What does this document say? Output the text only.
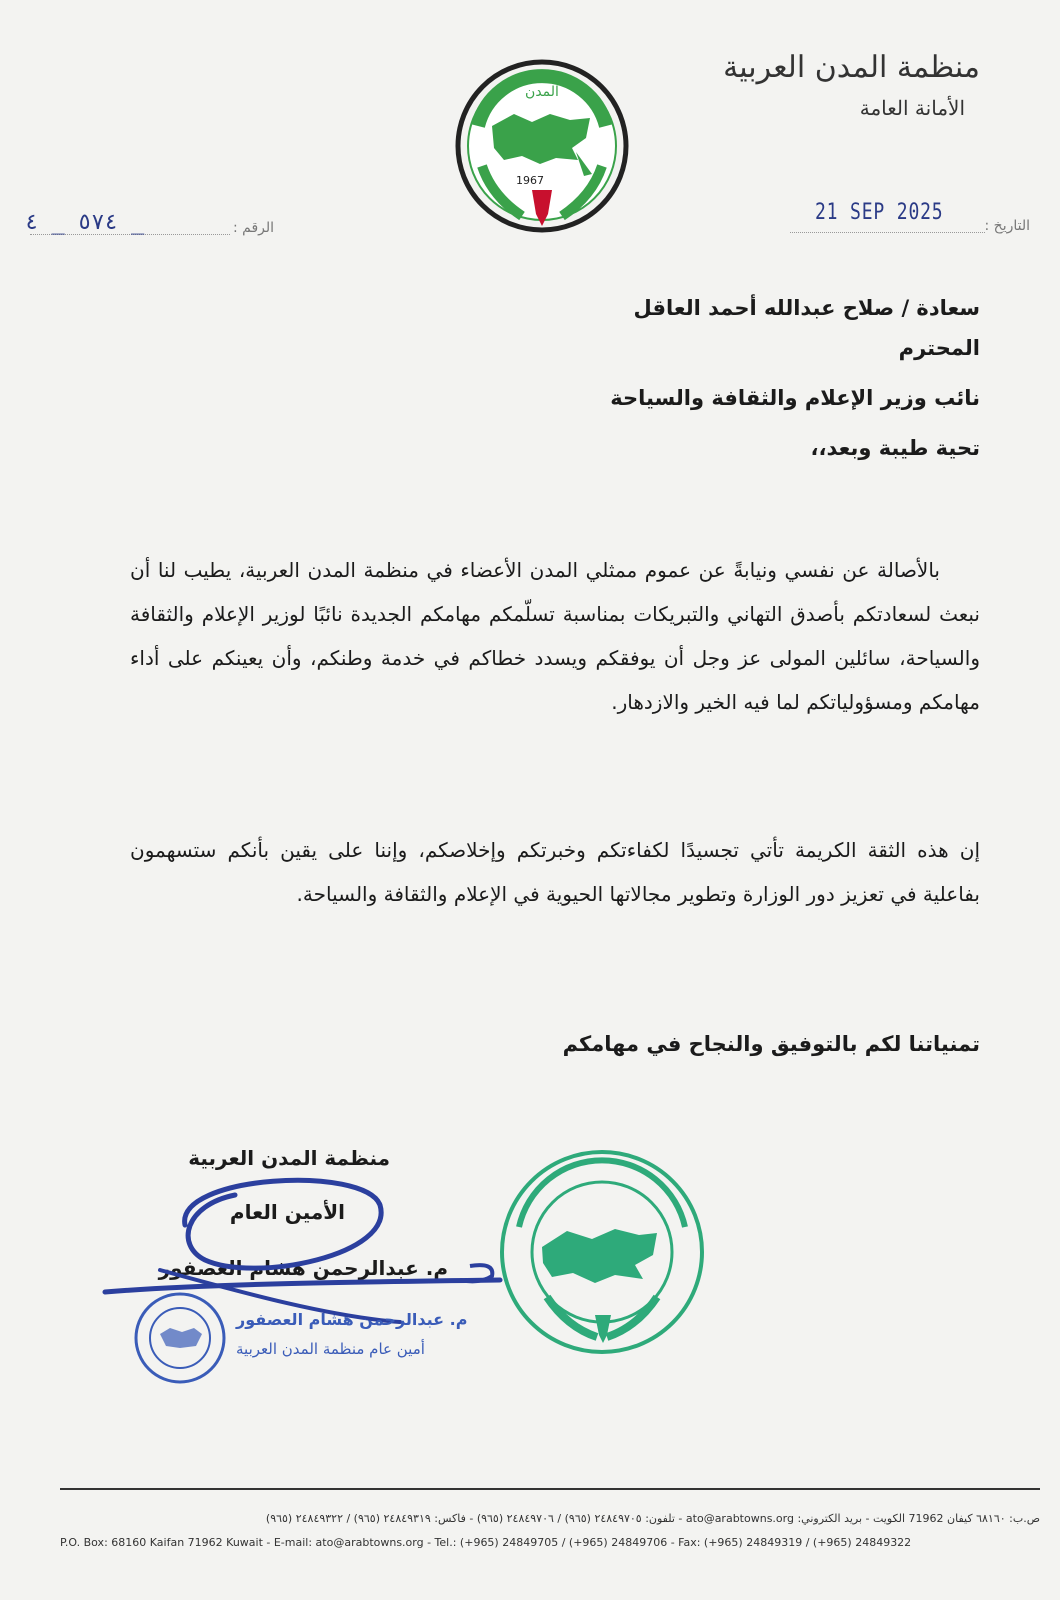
منظمة المدن العربية
الأمانة العامة
المدن
1967
التاريخ :
21 SEP 2025
الرقم :
٥٧٤ _ ٤ _
سعادة / صلاح عبدالله أحمد العاقل
المحترم
نائب وزير الإعلام والثقافة والسياحة
تحية طيبة وبعد،،
بالأصالة عن نفسي ونيابةً عن عموم ممثلي المدن الأعضاء في منظمة المدن العربية، يطيب لنا أن نبعث لسعادتكم بأصدق التهاني والتبريكات بمناسبة تسلّمكم مهامكم الجديدة نائبًا لوزير الإعلام والثقافة والسياحة، سائلين المولى عز وجل أن يوفقكم ويسدد خطاكم في خدمة وطنكم، وأن يعينكم على أداء مهامكم ومسؤولياتكم لما فيه الخير والازدهار.
إن هذه الثقة الكريمة تأتي تجسيدًا لكفاءتكم وخبرتكم وإخلاصكم، وإننا على يقين بأنكم ستسهمون بفاعلية في تعزيز دور الوزارة وتطوير مجالاتها الحيوية في الإعلام والثقافة والسياحة.
تمنياتنا لكم بالتوفيق والنجاح في مهامكم
منظمة المدن العربية
الأمين العام
م. عبدالرحمن هشام العصفور
م. عبدالرحمن هشام العصفور
أمين عام منظمة المدن العربية
ص.ب: ٦٨١٦٠ كيفان 71962 الكويت - بريد الكتروني: ato@arabtowns.org - تلفون: ٢٤٨٤٩٧٠٥ (٩٦٥) / ٢٤٨٤٩٧٠٦ (٩٦٥) - فاكس: ٢٤٨٤٩٣١٩ (٩٦٥) / ٢٤٨٤٩٣٢٢ (٩٦٥)
P.O. Box: 68160 Kaifan 71962 Kuwait - E-mail: ato@arabtowns.org - Tel.: (+965) 24849705 / (+965) 24849706 - Fax: (+965) 24849319 / (+965) 24849322
